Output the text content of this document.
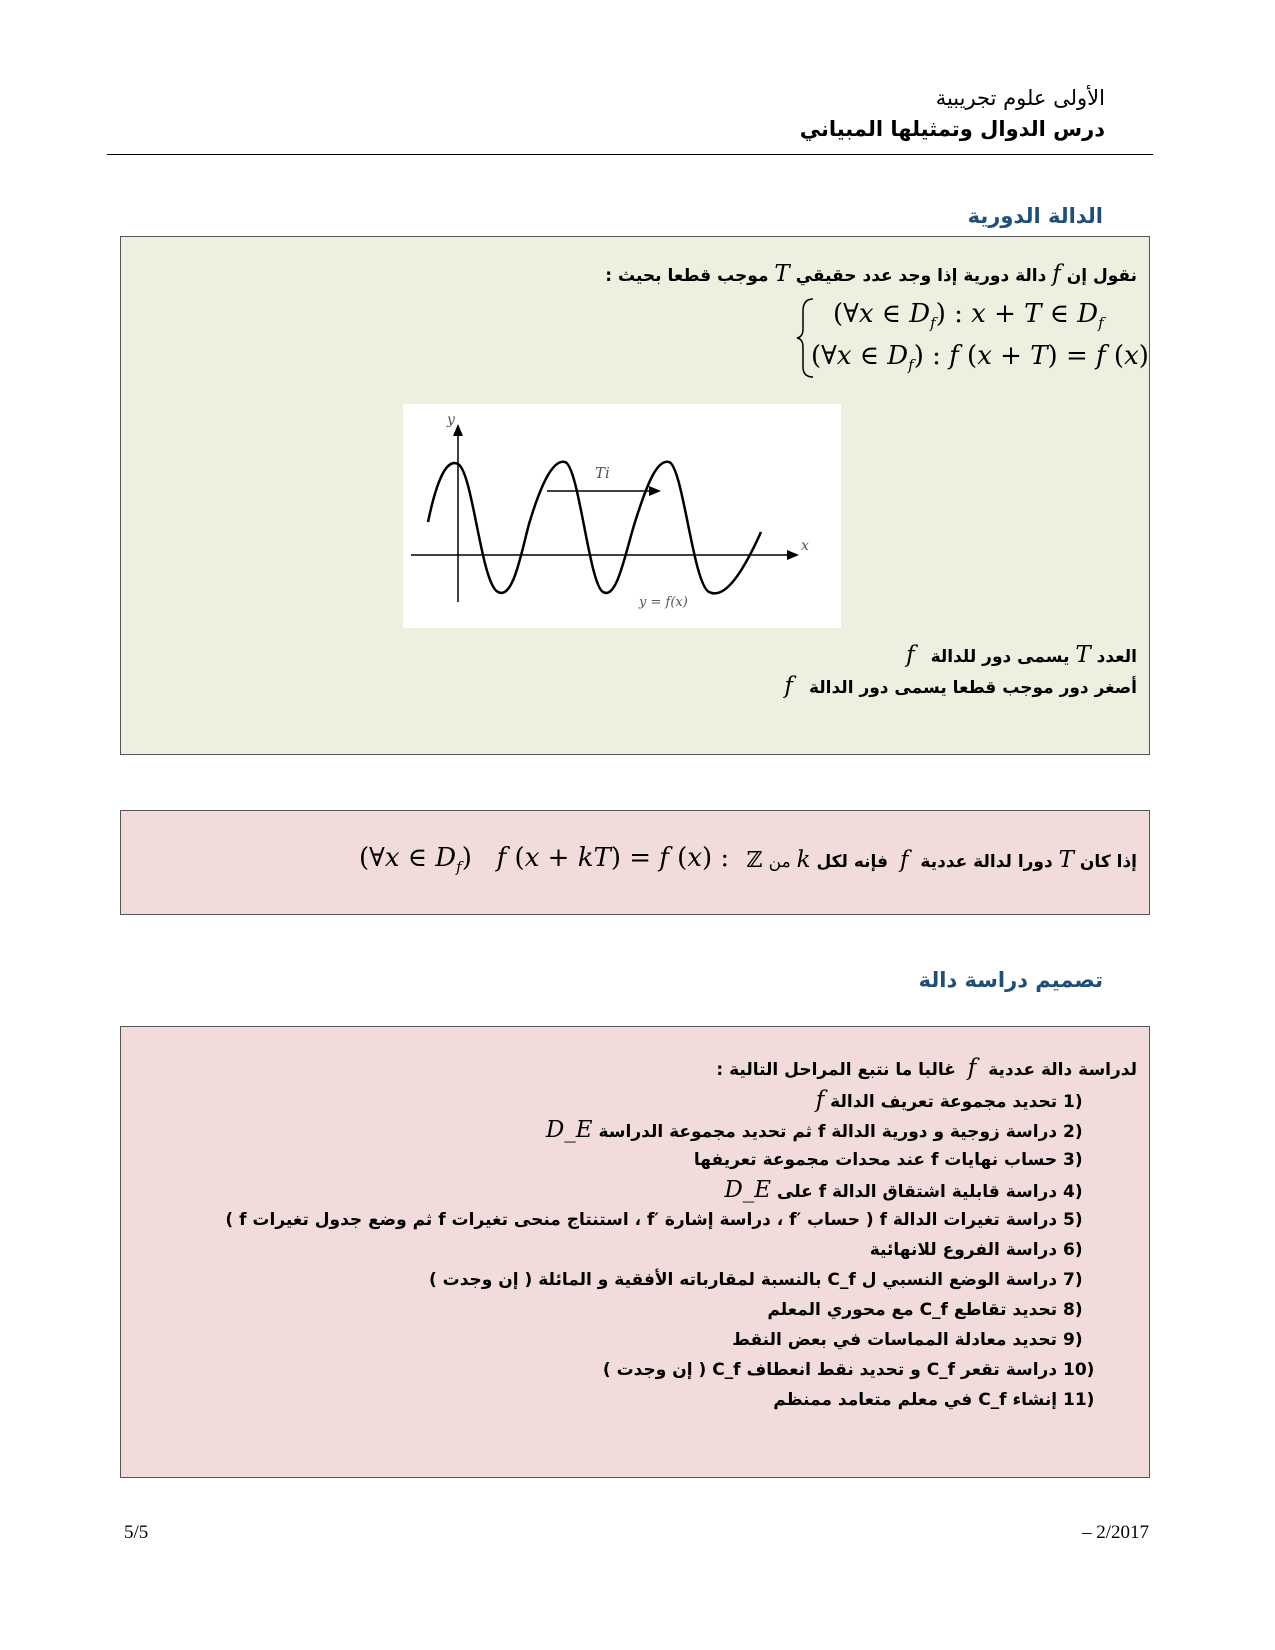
الأولى علوم تجريبية
درس الدوال وتمثيلها المبياني
الدالة الدورية
نقول إن f دالة دورية إذا وجد عدد حقيقي T موجب قطعا بحيث :
(∀x ∈ $D_f$) : x + T ∈ $D_f$
(∀x ∈ $D_f$) : f (x + T) = f (x)
y
x
Ti
y = f(x)
العدد T يسمى دور للدالة f
أصغر دور موجب قطعا يسمى دور الدالة f
إذا كان T دورا لدالة عددية f فإنه لكل k من ℤ
(∀x ∈ $D_f$)   f (x + kT) = f (x) :
تصميم دراسة دالة
لدراسة دالة عددية f غالبا ما نتبع المراحل التالية :
(1 تحديد مجموعة تعريف الدالة f
(2 دراسة زوجية و دورية الدالة f ثم تحديد مجموعة الدراسة D_E
(3 حساب نهايات f عند محدات مجموعة تعريفها
(4 دراسة قابلية اشتقاق الدالة f على D_E
(5 دراسة تغيرات الدالة f ( حساب ′f ، دراسة إشارة ′f ، استنتاج منحى تغيرات f ثم وضع جدول تغيرات f )
(6 دراسة الفروع للانهائية
(7 دراسة الوضع النسبي ل C_f بالنسبة لمقارباته الأفقية و المائلة ( إن وجدت )
(8 تحديد تقاطع C_f مع محوري المعلم
(9 تحديد معادلة المماسات في بعض النقط
(10 دراسة تقعر C_f و تحديد نقط انعطاف C_f ( إن وجدت )
(11 إنشاء C_f في معلم متعامد ممنظم
5/5	– 2/2017
